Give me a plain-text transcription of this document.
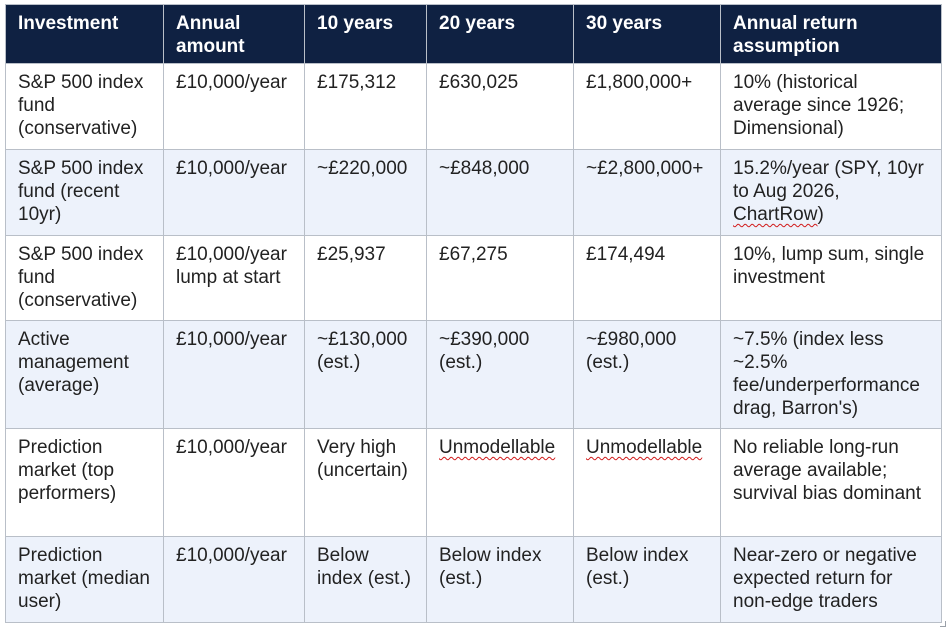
Investment	Annual amount	10 years	20 years	30 years	Annual return assumption
S&P 500 index fund (conservative)	£10,000/year	£175,312	£630,025	£1,800,000+	10% (historical average since 1926; Dimensional)
S&P 500 index fund (recent 10yr)	£10,000/year	~£220,000	~£848,000	~£2,800,000+	15.2%/year (SPY, 10yr to Aug 2026, ChartRow)
S&P 500 index fund (conservative)	£10,000/year lump at start	£25,937	£67,275	£174,494	10%, lump sum, single investment
Active management (average)	£10,000/year	~£130,000 (est.)	~£390,000 (est.)	~£980,000 (est.)	~7.5% (index less ~2.5% fee/underperformance drag, Barron's)
Prediction market (top performers)	£10,000/year	Very high (uncertain)	Unmodellable	Unmodellable	No reliable long-run average available; survival bias dominant
Prediction market (median user)	£10,000/year	Below index (est.)	Below index (est.)	Below index (est.)	Near-zero or negative expected return for non-edge traders
